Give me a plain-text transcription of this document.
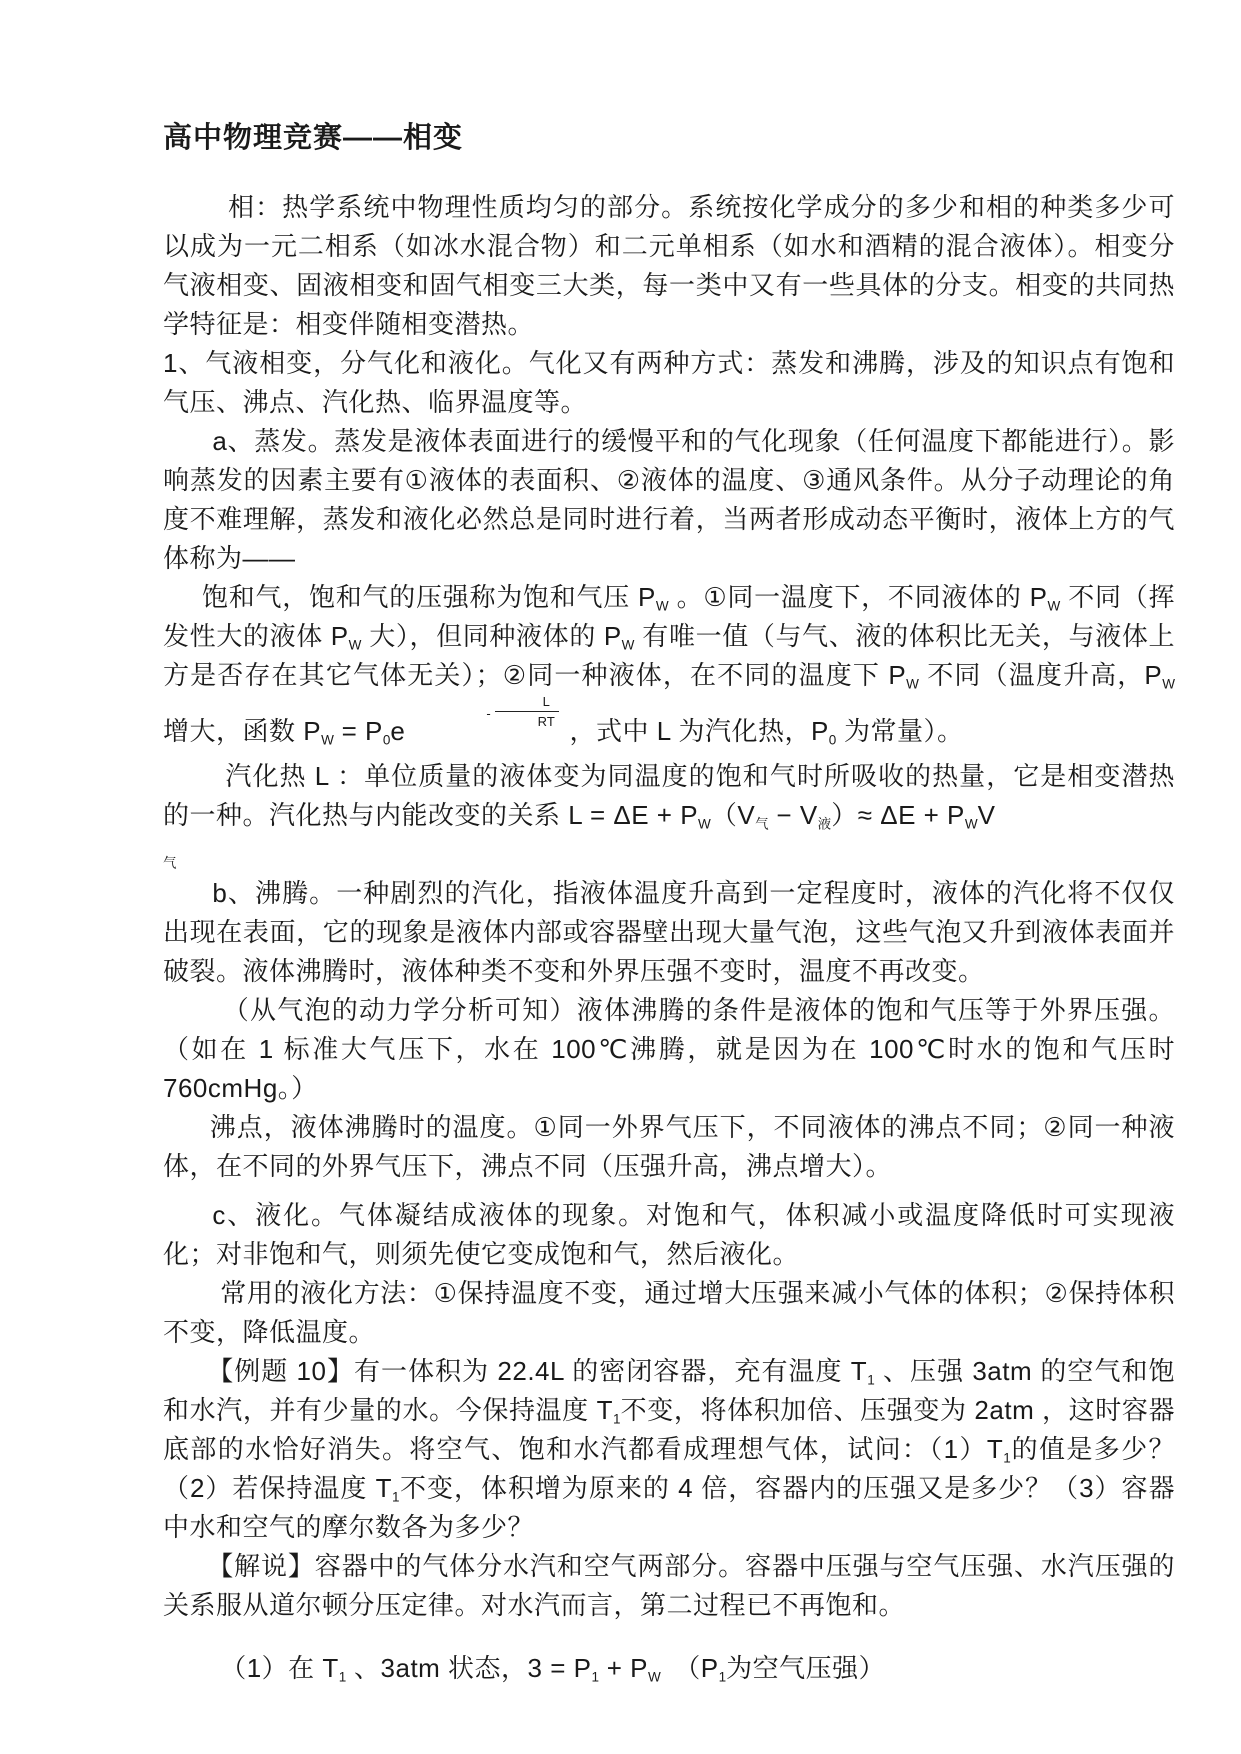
高中物理竞赛——相变

相：热学系统中物理性质均匀的部分。系统按化学成分的多少和相的种类多少可以成为一元二相系（如冰水混合物）和二元单相系（如水和酒精的混合液体）。相变分气液相变、固液相变和固气相变三大类，每一类中又有一些具体的分支。相变的共同热学特征是：相变伴随相变潜热。

1、气液相变，分气化和液化。气化又有两种方式：蒸发和沸腾，涉及的知识点有饱和气压、沸点、汽化热、临界温度等。

a、蒸发。蒸发是液体表面进行的缓慢平和的气化现象（任何温度下都能进行）。影响蒸发的因素主要有①液体的表面积、②液体的温度、③通风条件。从分子动理论的角度不难理解，蒸发和液化必然总是同时进行着，当两者形成动态平衡时，液体上方的气体称为——

饱和气，饱和气的压强称为饱和气压 $P_W$ 。①同一温度下，不同液体的 $P_W$ 不同（挥发性大的液体 $P_W$ 大），但同种液体的 $P_W$ 有唯一值（与气、液的体积比无关，与液体上方是否存在其它气体无关）；②同一种液体，在不同的温度下 $P_W$ 不同（温度升高，$P_W$ 增大，函数 $P_W = P_0e- \frac{L}{RT}$
，式中 L 为汽化热，$P_0$ 为常量）。

汽化热 L ：单位质量的液体变为同温度的饱和气时所吸收的热量，它是相变潜热的一种。汽化热与内能改变的关系 $L = \Delta E + P_W(V_气 - V_液)\approx \Delta E + P_WV$
$_气$

b、沸腾。一种剧烈的汽化，指液体温度升高到一定程度时，液体的汽化将不仅仅出现在表面，它的现象是液体内部或容器壁出现大量气泡，这些气泡又升到液体表面并破裂。液体沸腾时，液体种类不变和外界压强不变时，温度不再改变。

（从气泡的动力学分析可知）液体沸腾的条件是液体的饱和气压等于外界压强。（如在 1 标准大气压下，水在 100℃沸腾，就是因为在 100℃时水的饱和气压时 760cmHg。）

沸点，液体沸腾时的温度。①同一外界气压下，不同液体的沸点不同；②同一种液体，在不同的外界气压下，沸点不同（压强升高，沸点增大）。

c、液化。气体凝结成液体的现象。对饱和气，体积减小或温度降低时可实现液化；对非饱和气，则须先使它变成饱和气，然后液化。

常用的液化方法：①保持温度不变，通过增大压强来减小气体的体积；②保持体积不变，降低温度。

【例题 10】有一体积为 22.4L 的密闭容器，充有温度 $T_1$ 、压强 3atm 的空气和饱和水汽，并有少量的水。今保持温度 $T_1$不变，将体积加倍、压强变为 2atm ，这时容器底部的水恰好消失。将空气、饱和水汽都看成理想气体，试问：$(1)T_1$的值是多少？（2）若保持温度 $T_1$不变，体积增为原来的 4 倍，容器内的压强又是多少？（3）容器中水和空气的摩尔数各为多少？

【解说】容器中的气体分水汽和空气两部分。容器中压强与空气压强、水汽压强的关系服从道尔顿分压定律。对水汽而言，第二过程已不再饱和。

（1）在 $T_1$ 、3atm 状态，$3 = P_1 + P_W$　（$P_1$为空气压强）
